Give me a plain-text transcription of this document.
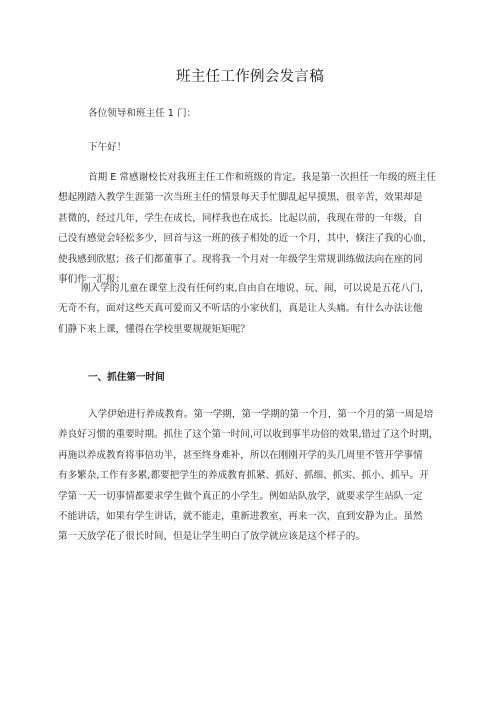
班主任工作例会发言稿
各位领导和班主任 1 门：
下午好！
首期 E 常感谢校长对我班主任工作和班级的肯定。我是第一次担任一年级的班主任
想起刚踏入教学生涯第一次当班主任的情景每天手忙脚乱起早摸黑，很辛苦，效果却是
甚微的，经过几年，学生在成长，同样我也在成长。比起以前，我现在带的一年级，自
己没有感觉会轻松多少，回首与这一班的孩子相处的近一个月，其中，倏注了我的心血，
使我感到欣慰；孩子们都董事了。现将我一个月对一年级学生常规训练做法向在座的同
事们作一汇报：
刚入学的儿童在课堂上没有任何约束,自由自在地说、玩、闹，可以说是五花八门，
无奇不有，面对这些天真可爱而又不听话的小家伙们，真是让人头痛。有什么办法让他
们静下来上课，懂得在学校里要规规矩矩呢？
一、抓住第一时间
入学伊始进行养成教育。第一学期，第一学期的第一个月，第一个月的第一周是培
养良好习惯的重要时期。抓住了这个第一时间,可以收到事半功倍的效果,错过了这个时期，
再施以养成教育将事倍功半，甚至终身难补，所以在刚刚开学的头几周里不管开学事情
有多繁杂,工作有多累,都要把学生的养成教育抓紧、抓好、抓细、抓实、抓小、抓早。开
学第一天一切事情都要求学生做个真正的小学生。例如站队放学，就要求学生站队一定
不能讲话，如果有学生讲话，就不能走，重新进教室，再来一次，直到安静为止。虽然
第一天放学花了很长时间，但是让学生明白了放学就应该是这个样子的。
